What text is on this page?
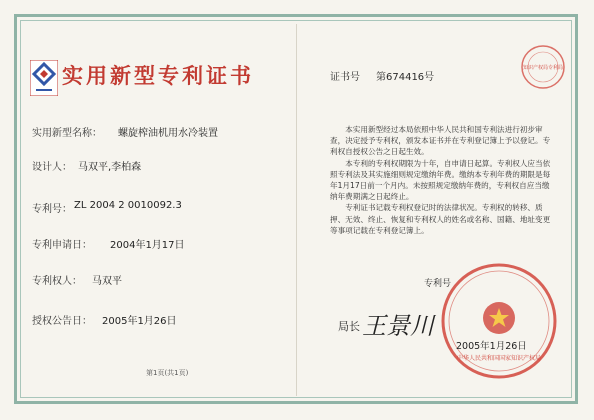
实用新型专利证书
实用新型名称： 螺旋榨油机用水冷装置
设计人： 马双平,李柏森
专利号： ZL 2004 2 0010092.3
专利申请日： 2004年1月17日
专利权人： 马双平
授权公告日： 2005年1月26日
第1页(共1页)
证书号 第674416号
知识产权局专利局

本实用新型经过本局依照中华人民共和国专利法进行初步审查，决定授予专利权，颁发本证书并在专利登记簿上予以登记。专利权自授权公告之日起生效。

本专利的专利权期限为十年，自申请日起算。专利权人应当依照专利法及其实施细则规定缴纳年费。缴纳本专利年费的期限是每年1月17日前一个月内。未按照规定缴纳年费的，专利权自应当缴纳年费期满之日起终止。

专利证书记载专利权登记时的法律状况。专利权的转移、质押、无效、终止、恢复和专利权人的姓名或名称、国籍、地址变更等事项记载在专利登记簿上。

专利号
局长 王景川
中华人民共和国国家知识产权局
2005年1月26日
